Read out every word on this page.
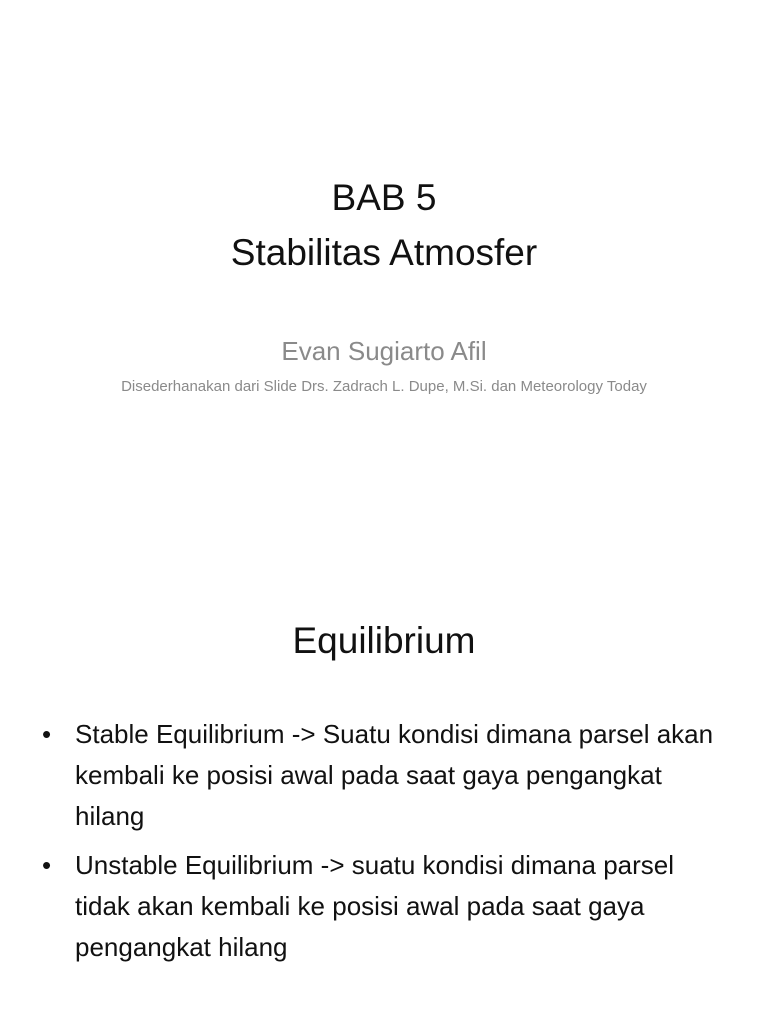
BAB 5
Stabilitas Atmosfer
Evan Sugiarto Afil
Disederhanakan dari Slide Drs. Zadrach L. Dupe, M.Si. dan Meteorology Today
Equilibrium
• Stable Equilibrium -> Suatu kondisi dimana parsel akan kembali ke posisi awal pada saat gaya pengangkat hilang
• Unstable Equilibrium -> suatu kondisi dimana parsel tidak akan kembali ke posisi awal pada saat gaya pengangkat hilang
